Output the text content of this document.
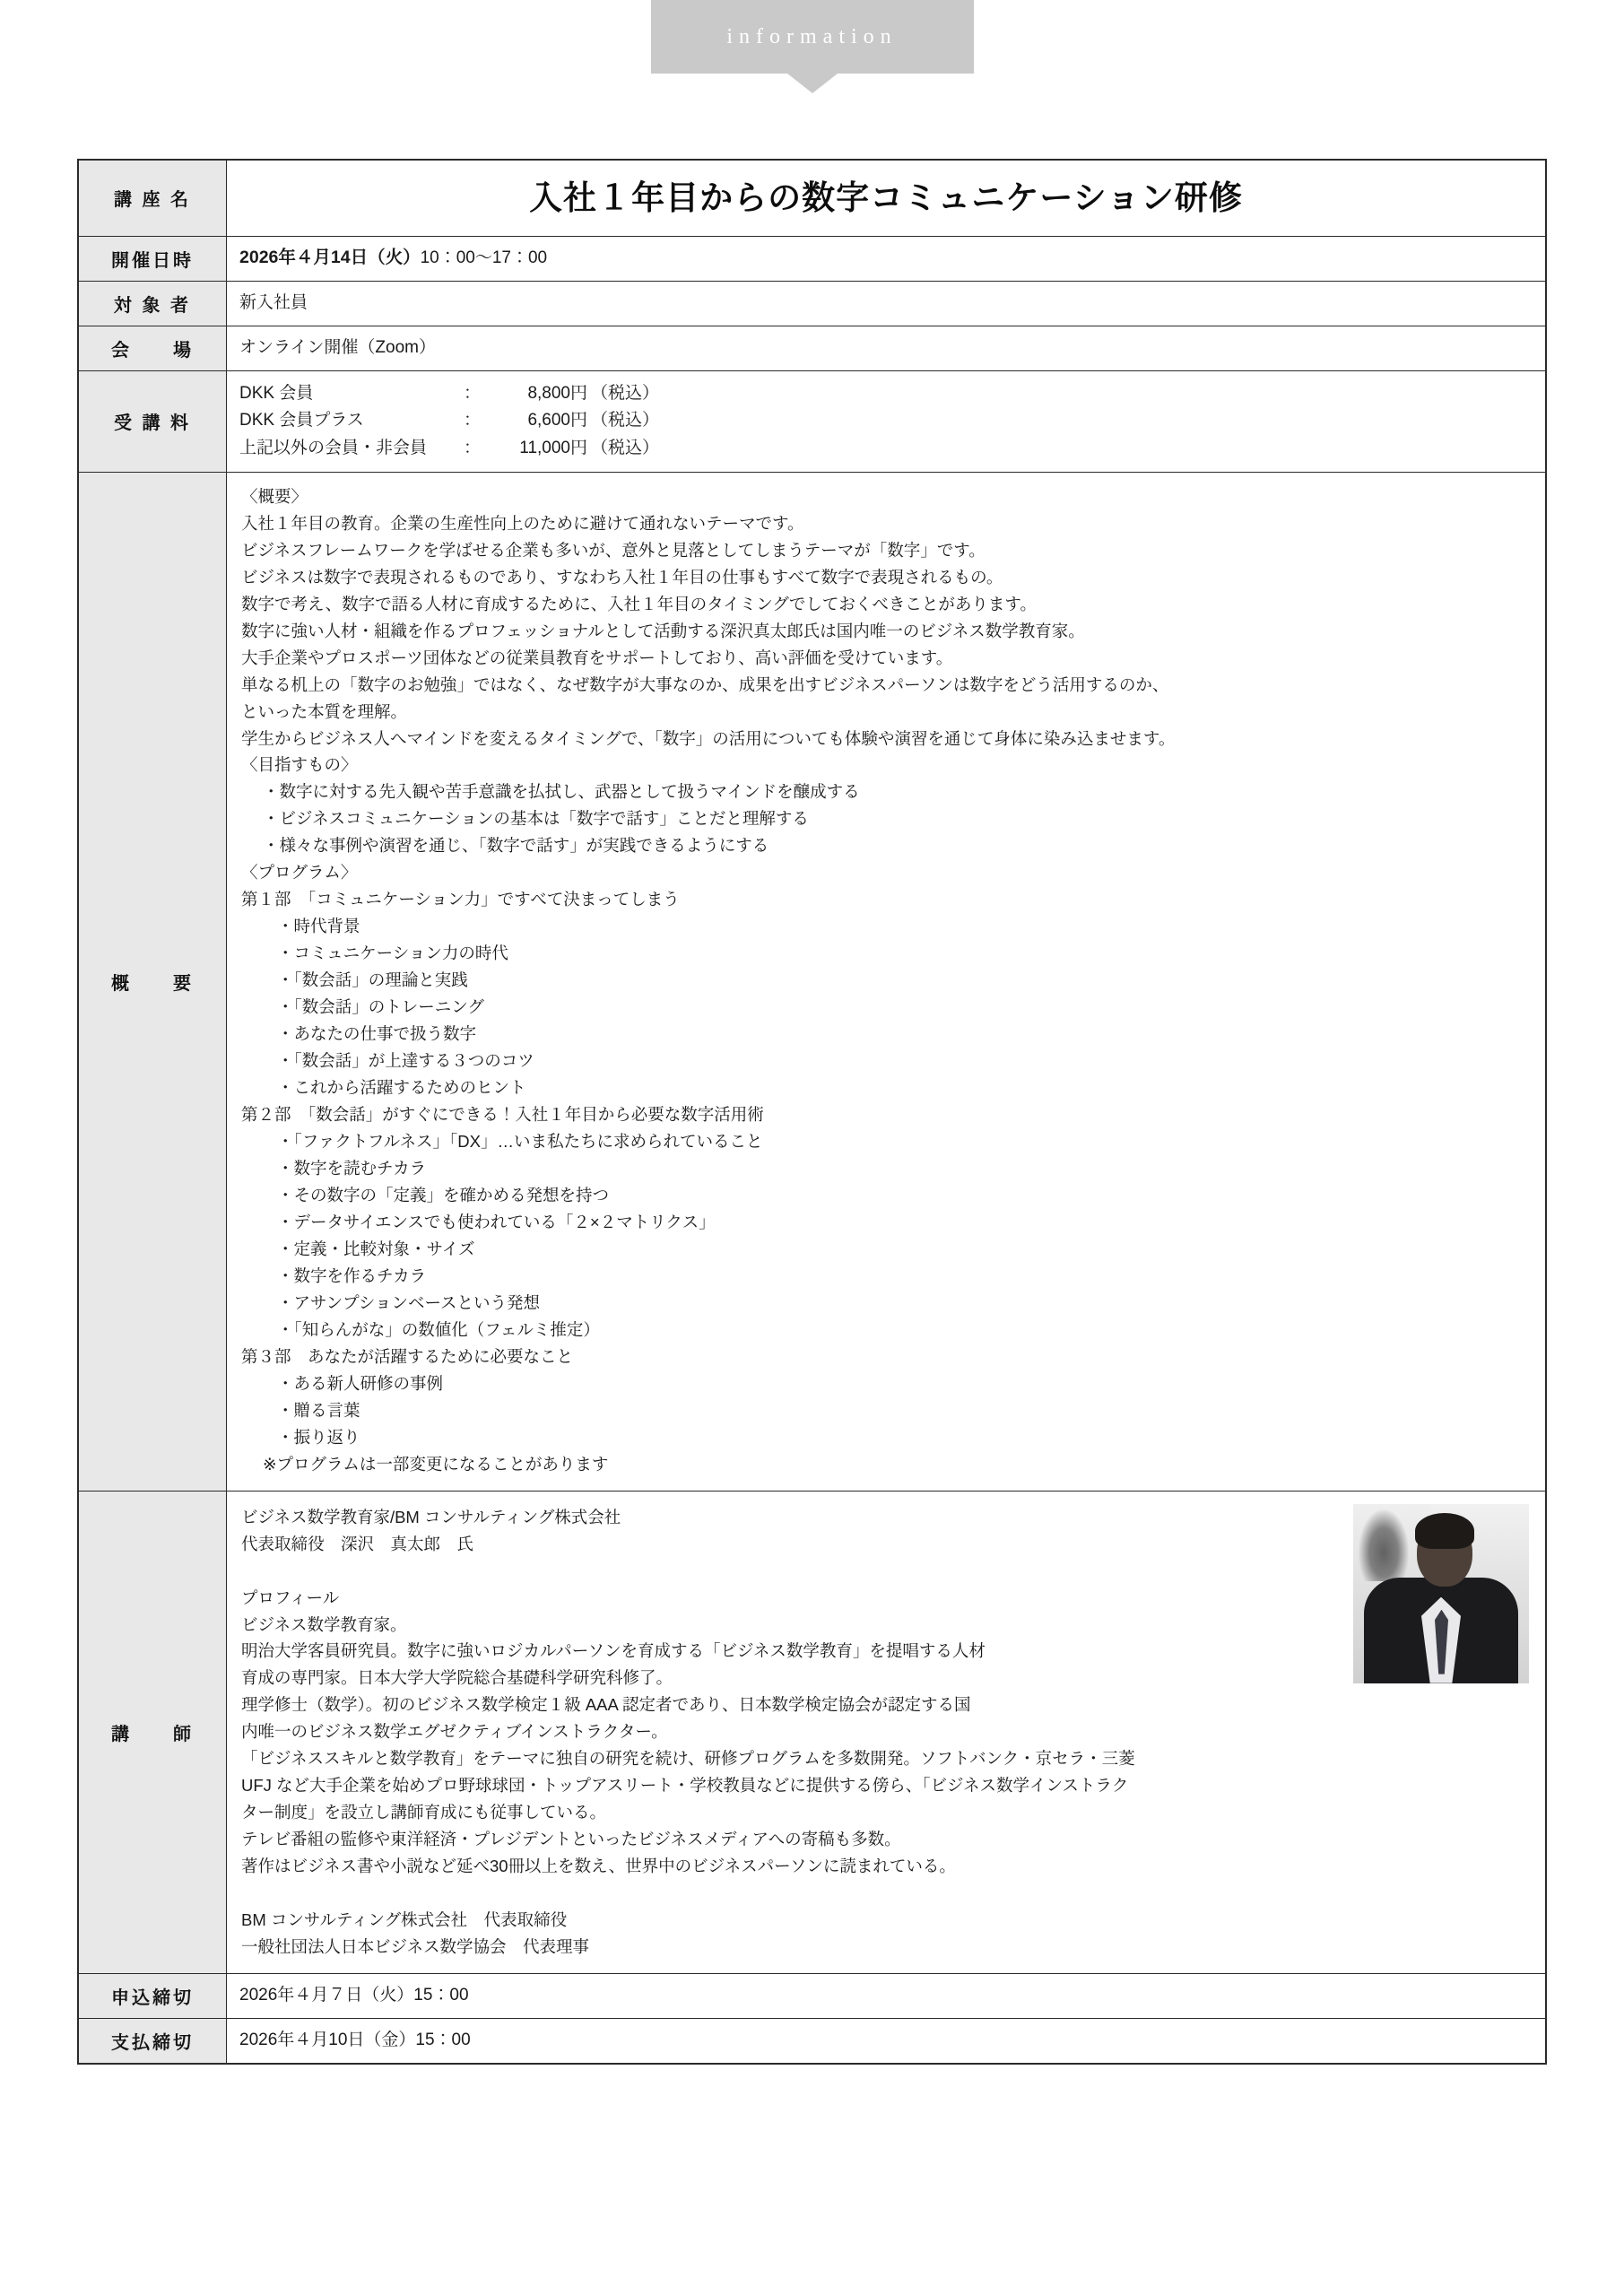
information
講 座 名	入社１年目からの数字コミュニケーション研修
開催日時	2026年４月14日（火）10：00〜17：00
対 象 者	新入社員
会　　場	オンライン開催（Zoom）
受 講 料
DKK 会員	：	8,800円 （税込）
DKK 会員プラス	：	6,600円 （税込）
上記以外の会員・非会員	：	11,000円 （税込）
概　　要

〈概要〉

入社１年目の教育。企業の生産性向上のために避けて通れないテーマです。

ビジネスフレームワークを学ばせる企業も多いが、意外と見落としてしまうテーマが「数字」です。

ビジネスは数字で表現されるものであり、すなわち入社１年目の仕事もすべて数字で表現されるもの。

数字で考え、数字で語る人材に育成するために、入社１年目のタイミングでしておくべきことがあります。

数字に強い人材・組織を作るプロフェッショナルとして活動する深沢真太郎氏は国内唯一のビジネス数学教育家。

大手企業やプロスポーツ団体などの従業員教育をサポートしており、高い評価を受けています。

単なる机上の「数字のお勉強」ではなく、なぜ数字が大事なのか、成果を出すビジネスパーソンは数字をどう活用するのか、

といった本質を理解。

学生からビジネス人へマインドを変えるタイミングで、「数字」の活用についても体験や演習を通じて身体に染み込ませます。

〈目指すもの〉

・数字に対する先入観や苦手意識を払拭し、武器として扱うマインドを醸成する

・ビジネスコミュニケーションの基本は「数字で話す」ことだと理解する

・様々な事例や演習を通じ、「数字で話す」が実践できるようにする

〈プログラム〉

第１部　「コミュニケーション力」ですべて決まってしまう

・時代背景

・コミュニケーション力の時代

・「数会話」の理論と実践

・「数会話」のトレーニング

・あなたの仕事で扱う数字

・「数会話」が上達する３つのコツ

・これから活躍するためのヒント

第２部　「数会話」がすぐにできる！入社１年目から必要な数字活用術

・「ファクトフルネス」「DX」…いま私たちに求められていること

・数字を読むチカラ

・その数字の「定義」を確かめる発想を持つ

・データサイエンスでも使われている「２×２マトリクス」

・定義・比較対象・サイズ

・数字を作るチカラ

・アサンプションベースという発想

・「知らんがな」の数値化（フェルミ推定）

第３部　あなたが活躍するために必要なこと

・ある新人研修の事例

・贈る言葉

・振り返り

※プログラムは一部変更になることがあります

講　　師

ビジネス数学教育家/BM コンサルティング株式会社

代表取締役　深沢　真太郎　氏

プロフィール

ビジネス数学教育家。

明治大学客員研究員。数字に強いロジカルパーソンを育成する「ビジネス数学教育」を提唱する人材

育成の専門家。日本大学大学院総合基礎科学研究科修了。

理学修士（数学）。初のビジネス数学検定１級 AAA 認定者であり、日本数学検定協会が認定する国

内唯一のビジネス数学エグゼクティブインストラクター。

「ビジネススキルと数学教育」をテーマに独自の研究を続け、研修プログラムを多数開発。ソフトバンク・京セラ・三菱

UFJ など大手企業を始めプロ野球球団・トップアスリート・学校教員などに提供する傍ら、「ビジネス数学インストラク

ター制度」を設立し講師育成にも従事している。

テレビ番組の監修や東洋経済・プレジデントといったビジネスメディアへの寄稿も多数。

著作はビジネス書や小説など延べ30冊以上を数え、世界中のビジネスパーソンに読まれている。

BM コンサルティング株式会社　代表取締役

一般社団法人日本ビジネス数学協会　代表理事

申込締切	2026年４月７日（火）15：00
支払締切	2026年４月10日（金）15：00
